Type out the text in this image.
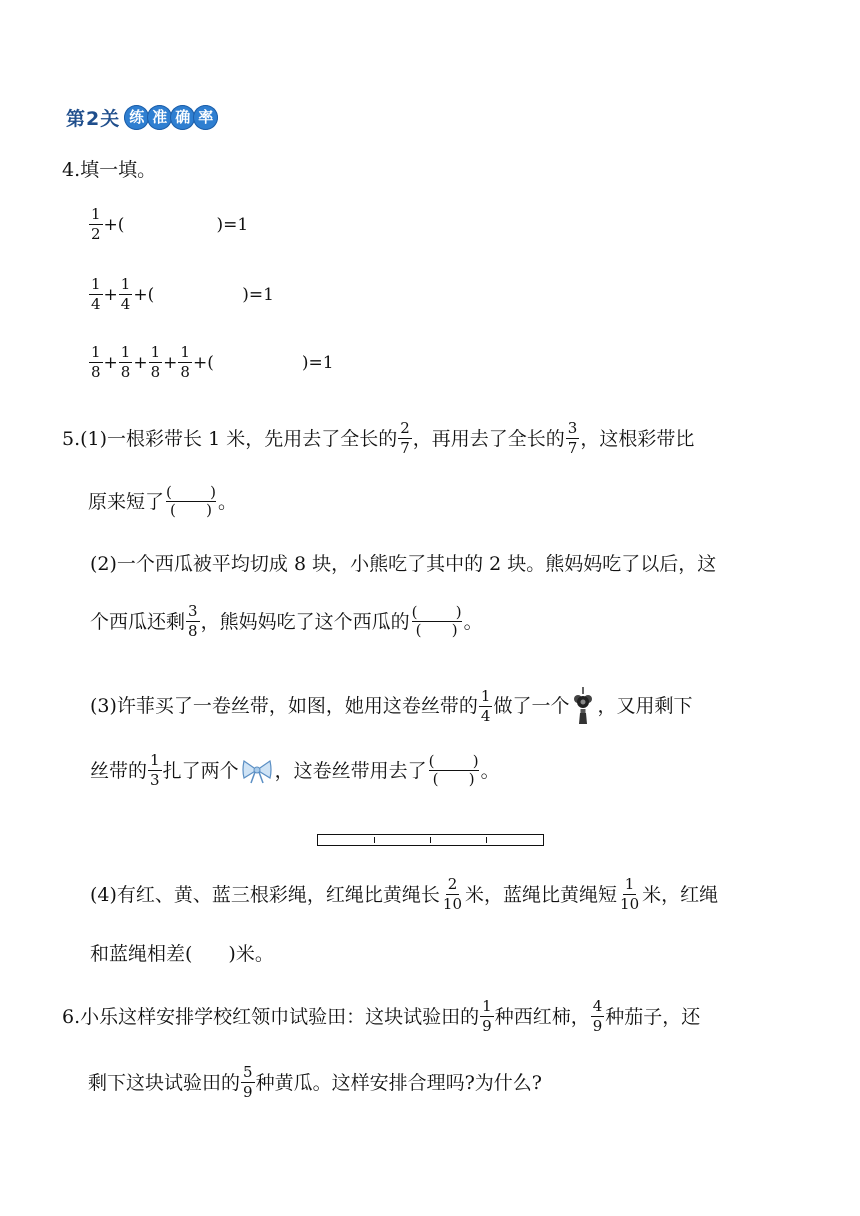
第2关 练 准 确 率
4.填一填。
$\frac{1}{2}$ + (	) =1
$\frac{1}{4} + \frac{1}{4}$ + (	) =1
$\frac{1}{8} + \frac{1}{8} + \frac{1}{8} + \frac{1}{8}$ + (	) =1
5.(1)一根彩带长 1 米，先用去了全长的 $\frac{2}{7}$ ，再用去了全长的 $\frac{3}{7}$ ，这根彩带比
原来短了 (	)
( ) 。
(2)一个西瓜被平均切成 8 块，小熊吃了其中的 2 块。熊妈妈吃了以后，这
个西瓜还剩 $\frac{3}{8}$ ，熊妈妈吃了这个西瓜的 (	)
( ) 。
(3)许菲买了一卷丝带，如图，她用这卷丝带的 $\frac{1}{4}$ 做了一个 ，又用剩下
丝带的 $\frac{1}{3}$ 扎了两个 ，这卷丝带用去了 (	)
( ) 。
(4)有红、黄、蓝三根彩绳，红绳比黄绳长 $\frac{2}{10}$ 米，蓝绳比黄绳短 $\frac{1}{10}$ 米，红绳
和蓝绳相差( )米。
6.小乐这样安排学校红领巾试验田：这块试验田的 $\frac{1}{9}$ 种西红柿， $\frac{4}{9}$ 种茄子，还
剩下这块试验田的 $\frac{5}{9}$ 种黄瓜。这样安排合理吗?为什么?
